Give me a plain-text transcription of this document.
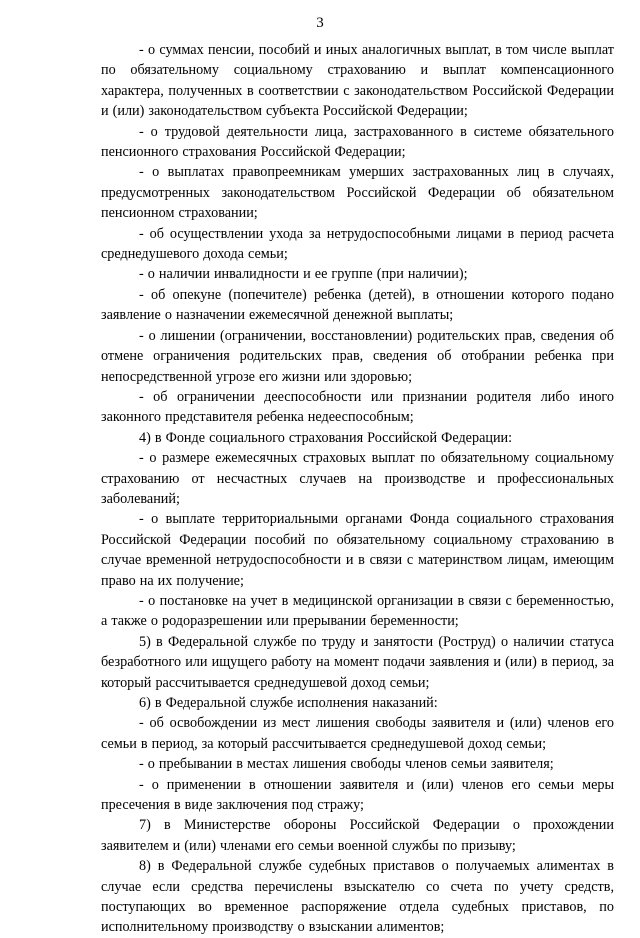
3

- о суммах пенсии, пособий и иных аналогичных выплат, в том числе выплат по обязательному социальному страхованию и выплат компенсационного характера, полученных в соответствии с законодательством Российской Федерации и (или) законодательством субъекта Российской Федерации;

- о трудовой деятельности лица, застрахованного в системе обязательного пенсионного страхования Российской Федерации;

- о выплатах правопреемникам умерших застрахованных лиц в случаях, предусмотренных законодательством Российской Федерации об обязательном пенсионном страховании;

- об осуществлении ухода за нетрудоспособными лицами в период расчета среднедушевого дохода семьи;

- о наличии инвалидности и ее группе (при наличии);

- об опекуне (попечителе) ребенка (детей), в отношении которого подано заявление о назначении ежемесячной денежной выплаты;

- о лишении (ограничении, восстановлении) родительских прав, сведения об отмене ограничения родительских прав, сведения об отобрании ребенка при непосредственной угрозе его жизни или здоровью;

- об ограничении дееспособности или признании родителя либо иного законного представителя ребенка недееспособным;

4) в Фонде социального страхования Российской Федерации:

- о размере ежемесячных страховых выплат по обязательному социальному страхованию от несчастных случаев на производстве и профессиональных заболеваний;

- о выплате территориальными органами Фонда социального страхования Российской Федерации пособий по обязательному социальному страхованию в случае временной нетрудоспособности и в связи с материнством лицам, имеющим право на их получение;

- о постановке на учет в медицинской организации в связи с беременностью, а также о родоразрешении или прерывании беременности;

5) в Федеральной службе по труду и занятости (Роструд) о наличии статуса безработного или ищущего работу на момент подачи заявления и (или) в период, за который рассчитывается среднедушевой доход семьи;

6) в Федеральной службе исполнения наказаний:

- об освобождении из мест лишения свободы заявителя и (или) членов его семьи в период, за который рассчитывается среднедушевой доход семьи;

- о пребывании в местах лишения свободы членов семьи заявителя;

- о применении в отношении заявителя и (или) членов его семьи меры пресечения в виде заключения под стражу;

7) в Министерстве обороны Российской Федерации о прохождении заявителем и (или) членами его семьи военной службы по призыву;

8) в Федеральной службе судебных приставов о получаемых алиментах в случае если средства перечислены взыскателю со счета по учету средств, поступающих во временное распоряжение отдела судебных приставов, по исполнительному производству о взыскании алиментов;
